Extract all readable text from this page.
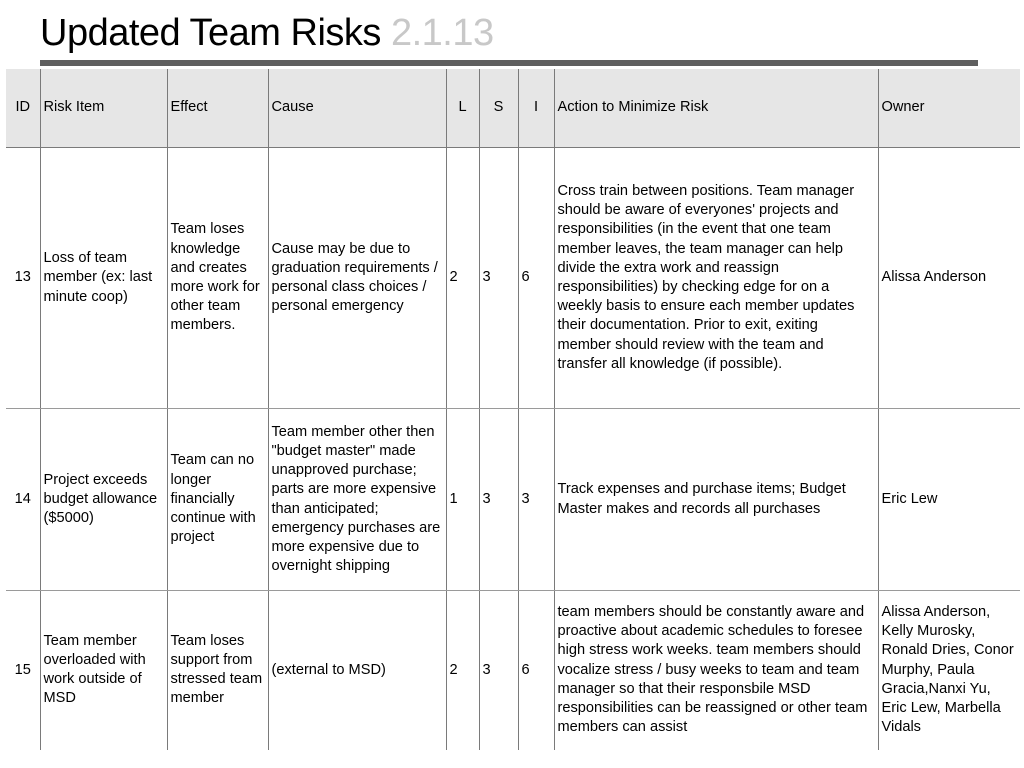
Updated Team Risks 2.1.13
ID	Risk Item	Effect	Cause	L	S	I	Action to Minimize Risk	Owner
13	Loss of team member (ex: last minute coop)	Team loses knowledge and creates more work for other team members.	Cause may be due to graduation requirements / personal class choices / personal emergency	2	3	6	Cross train between positions. Team manager should be aware of everyones' projects and responsibilities (in the event that one team member leaves, the team manager can help divide the extra work and reassign responsibilities) by checking edge for on a weekly basis to ensure each member updates their documentation. Prior to exit, exiting member should review with the team and transfer all knowledge (if possible).	Alissa Anderson
14	Project exceeds budget allowance ($5000)	Team can no longer financially continue with project	Team member other then "budget master" made unapproved purchase; parts are more expensive than anticipated; emergency purchases are more expensive due to overnight shipping	1	3	3	Track expenses and purchase items; Budget Master makes and records all purchases	Eric Lew
15	Team member overloaded with work outside of MSD	Team loses support from stressed team member	(external to MSD)	2	3	6	team members should be constantly aware and proactive about academic schedules to foresee high stress work weeks. team members should vocalize stress / busy weeks to team and team manager so that their responsbile MSD responsibilities can be reassigned or other team members can assist	Alissa Anderson, Kelly Murosky, Ronald Dries, Conor Murphy, Paula Gracia,Nanxi Yu, Eric Lew, Marbella Vidals
